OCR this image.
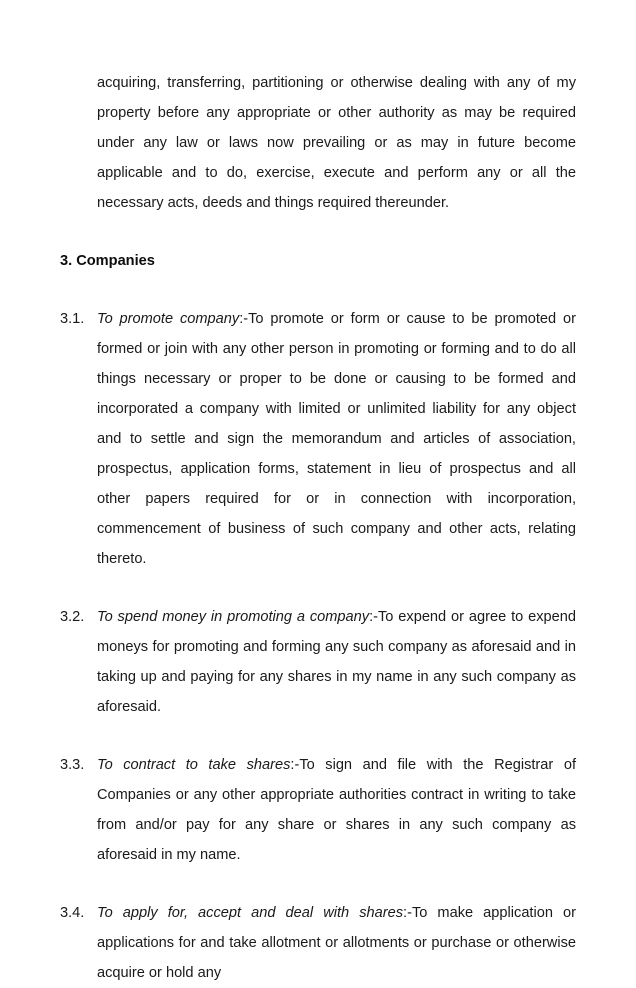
acquiring, transferring, partitioning or otherwise dealing with any of my property before any appropriate or other authority as may be required under any law or laws now prevailing or as may in future become applicable and to do, exercise, execute and perform any or all the necessary acts, deeds and things required thereunder.

3. Companies
3.1. To promote company:-To promote or form or cause to be promoted or formed or join with any other person in promoting or forming and to do all things necessary or proper to be done or causing to be formed and incorporated a company with limited or unlimited liability for any object and to settle and sign the memorandum and articles of association, prospectus, application forms, statement in lieu of prospectus and all other papers required for or in connection with incorporation, commencement of business of such company and other acts, relating thereto.
3.2. To spend money in promoting a company:-To expend or agree to expend moneys for promoting and forming any such company as aforesaid and in taking up and paying for any shares in my name in any such company as aforesaid.
3.3. To contract to take shares:-To sign and file with the Registrar of Companies or any other appropriate authorities contract in writing to take from and/or pay for any share or shares in any such company as aforesaid in my name.
3.4. To apply for, accept and deal with shares:-To make application or applications for and take allotment or allotments or purchase or otherwise acquire or hold any
